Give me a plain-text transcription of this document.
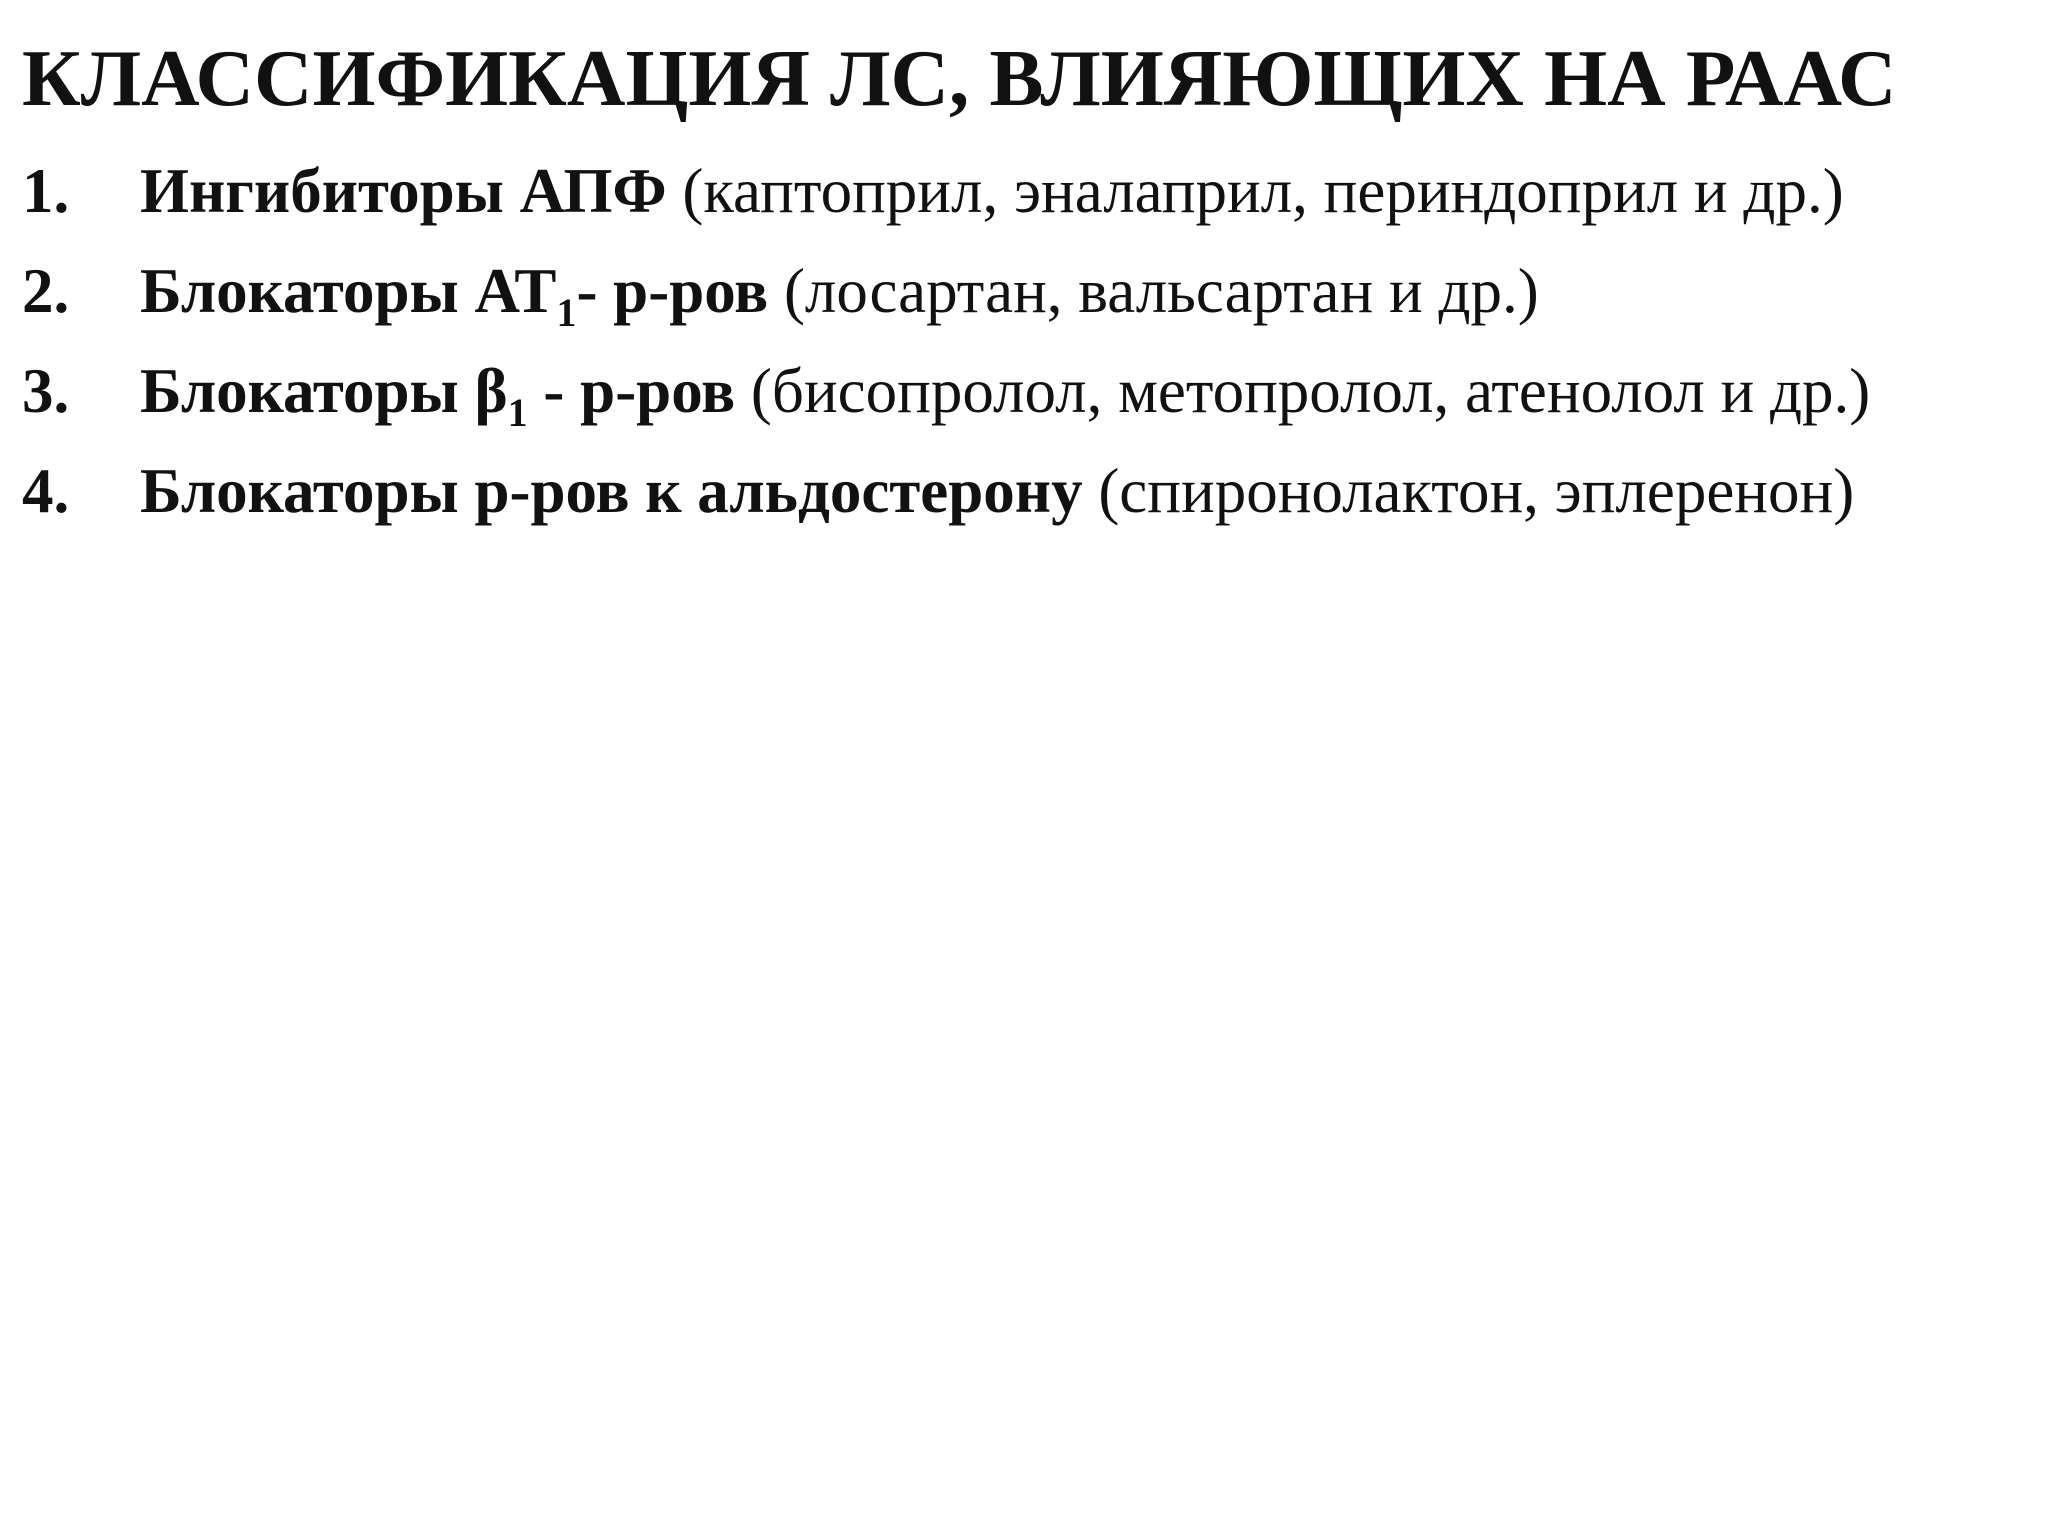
КЛАССИФИКАЦИЯ ЛС, ВЛИЯЮЩИХ НА РААС
1. Ингибиторы АПФ (каптоприл, эналаприл, периндоприл и др.)
2. Блокаторы $АТ_1-$ р-ров (лосартан, вальсартан и др.)
3. Блокаторы $\beta_1 - р-ров$ (бисопролол, метопролол, атенолол и др.)
4. Блокаторы р-ров к альдостерону (спиронолактон, эплеренон)
